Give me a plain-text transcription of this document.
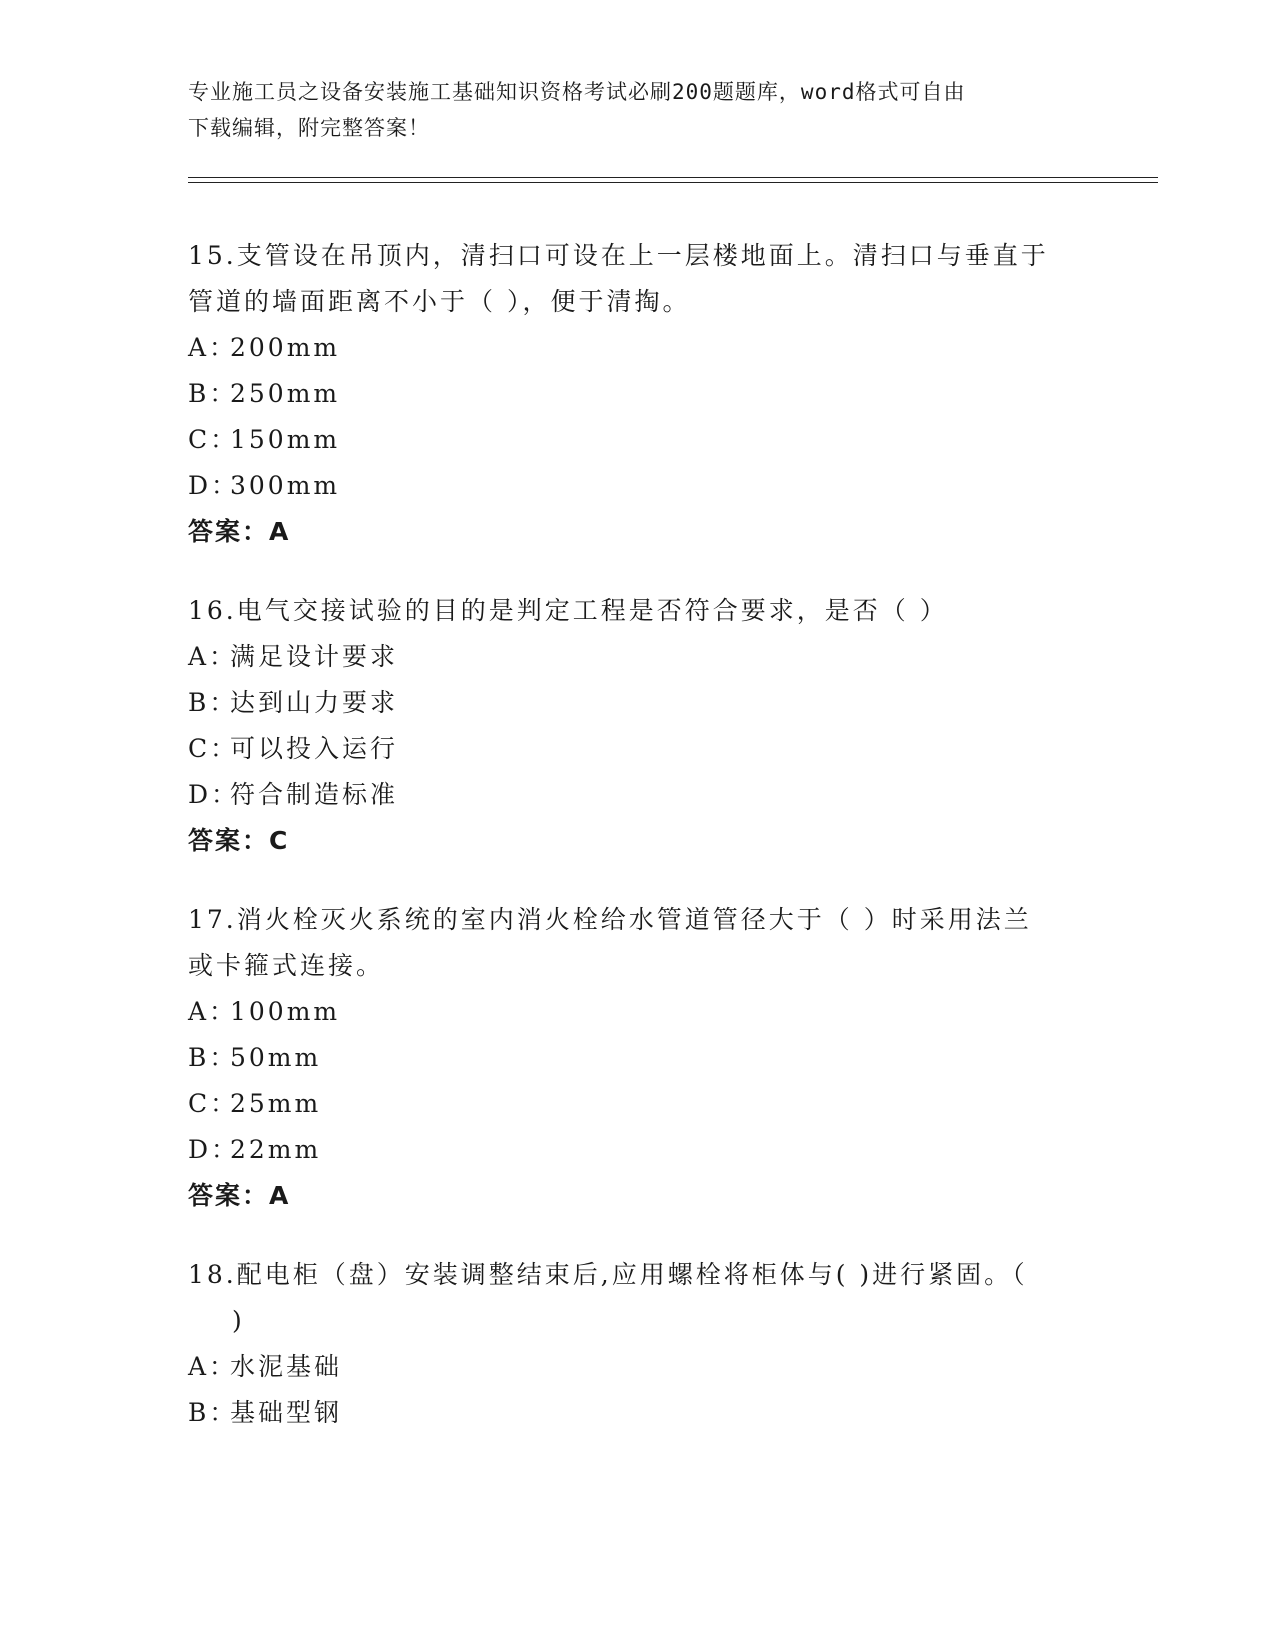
专业施工员之设备安装施工基础知识资格考试必刷200题题库，word格式可自由
下载编辑，附完整答案！
15.支管设在吊顶内，清扫口可设在上一层楼地面上。清扫口与垂直于
管道的墙面距离不小于（ ），便于清掏。
A：200mm
B：250mm
C：150mm
D：300mm
答案：A
16.电气交接试验的目的是判定工程是否符合要求，是否（ ）
A：满足设计要求
B：达到山力要求
C：可以投入运行
D：符合制造标准
答案：C
17.消火栓灭火系统的室内消火栓给水管道管径大于（ ）时采用法兰
或卡箍式连接。
A：100mm
B：50mm
C：25mm
D：22mm
答案：A
18.配电柜（盘）安装调整结束后,应用螺栓将柜体与( )进行紧固。（
)
A：水泥基础
B：基础型钢
